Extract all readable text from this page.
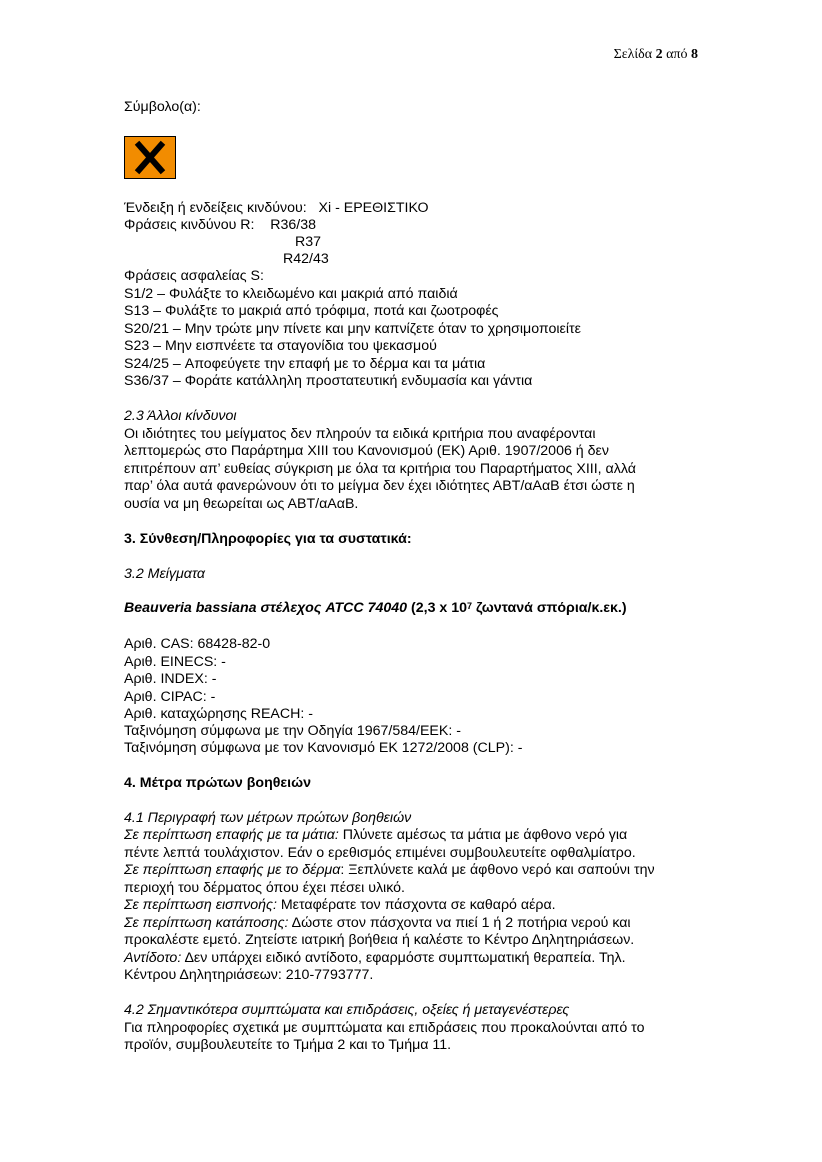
Σελίδα 2 από 8
Σύμβολο(α):
Ένδειξη ή ενδείξεις κινδύνου: Xi - ΕΡΕΘΙΣΤΙΚΟ
Φράσεις κινδύνου R: R36/38
R37
R42/43
Φράσεις ασφαλείας S:
S1/2 – Φυλάξτε το κλειδωμένο και μακριά από παιδιά
S13 – Φυλάξτε το μακριά από τρόφιμα, ποτά και ζωοτροφές
S20/21 – Μην τρώτε μην πίνετε και μην καπνίζετε όταν το χρησιμοποιείτε
S23 – Μην εισπνέετε τα σταγονίδια του ψεκασμού
S24/25 – Αποφεύγετε την επαφή με το δέρμα και τα μάτια
S36/37 – Φοράτε κατάλληλη προστατευτική ενδυμασία και γάντια
2.3 Άλλοι κίνδυνοι
Οι ιδιότητες του μείγματος δεν πληρούν τα ειδικά κριτήρια που αναφέρονται
λεπτομερώς στο Παράρτημα XIII του Κανονισμού (ΕΚ) Αριθ. 1907/2006 ή δεν
επιτρέπουν απ’ ευθείας σύγκριση με όλα τα κριτήρια του Παραρτήματος XIII, αλλά
παρ’ όλα αυτά φανερώνουν ότι το μείγμα δεν έχει ιδιότητες ΑΒΤ/αΑαΒ έτσι ώστε η
ουσία να μη θεωρείται ως ΑΒΤ/αΑαΒ.
3. Σύνθεση/Πληροφορίες για τα συστατικά:
3.2 Μείγματα
Beauveria bassiana στέλεχος ATCC 74040 (2,3 x $10^7$ ζωντανά σπόρια/κ.εκ.)
Αριθ. CAS: 68428-82-0
Αριθ. EINECS: -
Αριθ. INDEX: -
Αριθ. CIPAC: -
Αριθ. καταχώρησης REACH: -
Ταξινόμηση σύμφωνα με την Οδηγία 1967/584/ΕΕΚ: -
Ταξινόμηση σύμφωνα με τον Κανονισμό ΕΚ 1272/2008 (CLP): -
4. Μέτρα πρώτων βοηθειών
4.1 Περιγραφή των μέτρων πρώτων βοηθειών
Σε περίπτωση επαφής με τα μάτια: Πλύνετε αμέσως τα μάτια με άφθονο νερό για
πέντε λεπτά τουλάχιστον. Εάν ο ερεθισμός επιμένει συμβουλευτείτε οφθαλμίατρο.
Σε περίπτωση επαφής με το δέρμα: Ξεπλύνετε καλά με άφθονο νερό και σαπούνι την
περιοχή του δέρματος όπου έχει πέσει υλικό.
Σε περίπτωση εισπνοής: Μεταφέρατε τον πάσχοντα σε καθαρό αέρα.
Σε περίπτωση κατάποσης: Δώστε στον πάσχοντα να πιεί 1 ή 2 ποτήρια νερού και
προκαλέστε εμετό. Ζητείστε ιατρική βοήθεια ή καλέστε το Κέντρο Δηλητηριάσεων.
Αντίδοτο: Δεν υπάρχει ειδικό αντίδοτο, εφαρμόστε συμπτωματική θεραπεία. Τηλ.
Κέντρου Δηλητηριάσεων: 210-7793777.
4.2 Σημαντικότερα συμπτώματα και επιδράσεις, οξείες ή μεταγενέστερες
Για πληροφορίες σχετικά με συμπτώματα και επιδράσεις που προκαλούνται από το
προϊόν, συμβουλευτείτε το Τμήμα 2 και το Τμήμα 11.
